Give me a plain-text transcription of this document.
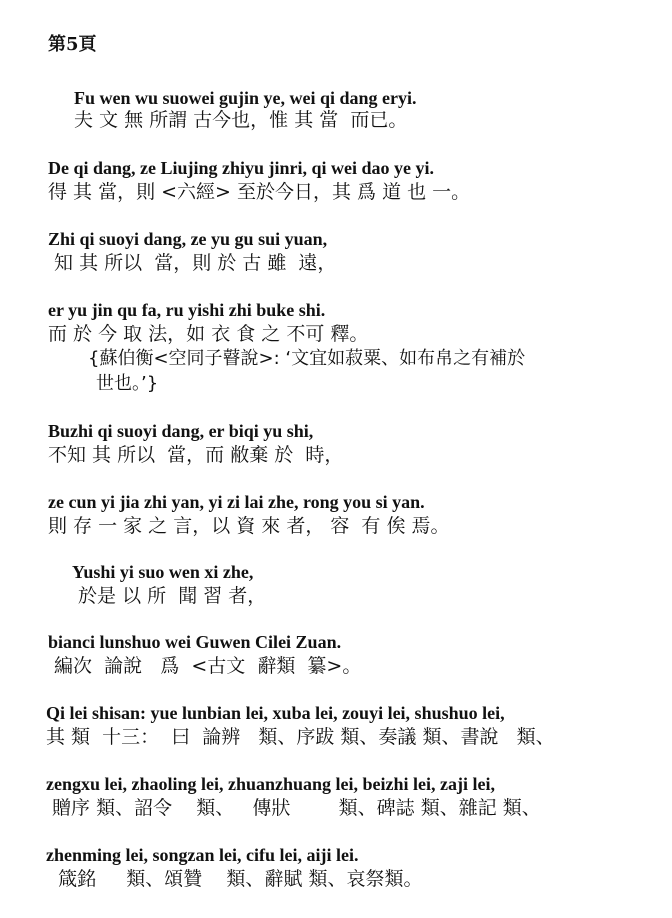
第5頁
Fu wen wu suowei gujin ye, wei qi dang eryi.
夫 文 無 所謂 古今也，惟 其 當  而已。
De qi dang, ze Liujing zhiyu jinri, qi wei dao ye yi.
得 其 當，則 <六經> 至於今日，其 爲 道 也 一。
Zhi qi suoyi dang, ze yu gu sui yuan,
知 其 所以  當，則 於 古 雖  遠，
er yu jin qu fa, ru yishi zhi buke shi.
而 於 今 取 法，如 衣 食 之 不可 釋。
{蘇伯衡<空同子瞽說>: ‘文宜如菽粟、如布帛之有補於
世也。’}
Buzhi qi suoyi dang, er biqi yu shi,
不知 其 所以  當，而 敝棄 於  時，
ze cun yi jia zhi yan, yi zi lai zhe, rong you si yan.
則 存 一 家 之 言，以 資 來 者， 容  有 俟 焉。
Yushi yi suo wen xi zhe,
於是 以 所  聞 習 者，
bianci lunshuo wei Guwen Cilei Zuan.
編次  論說   爲  <古文  辭類  纂>。
Qi lei shisan: yue lunbian lei, xuba lei, zouyi lei, shushuo lei,
其 類  十三：  曰  論辨   類、序跋 類、奏議 類、書說   類、
zengxu lei, zhaoling lei, zhuanzhuang lei, beizhi lei, zaji lei,
贈序 類、詔令    類、   傳狀        類、碑誌 類、雜記 類、
zhenming lei, songzan lei, cifu lei, aiji lei.
箴銘     類、頌贊    類、辭賦 類、哀祭類。
